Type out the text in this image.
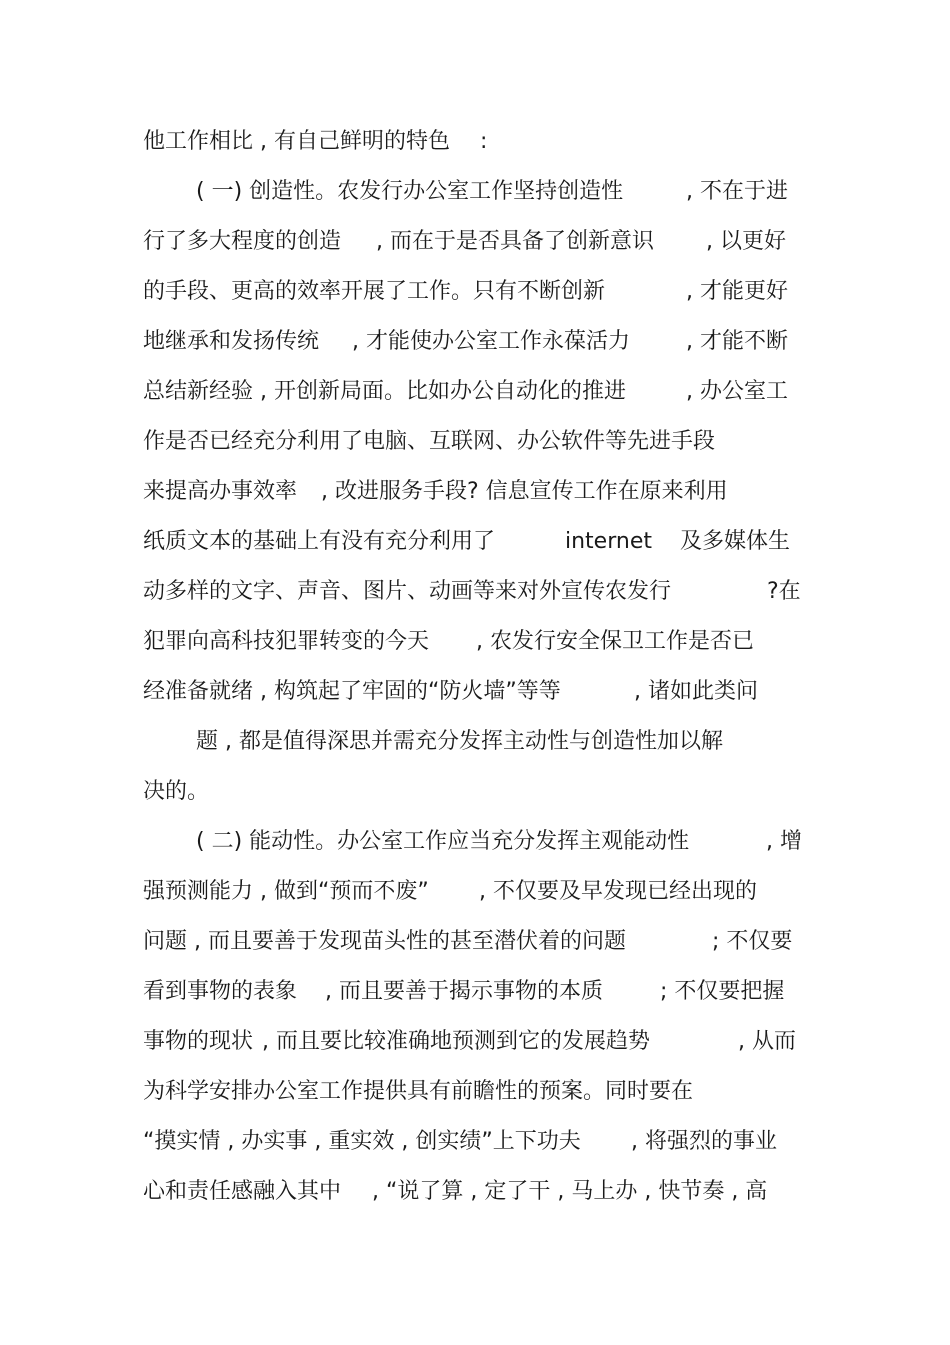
他工作相比 , 有自己鲜明的特色 :
( 一) 创造性。农发行办公室工作坚持创造性	, 不在于进
行了多大程度的创造 , 而在于是否具备了创新意识 , 以更好
的手段、更高的效率开展了工作。只有不断创新	, 才能更好
地继承和发扬传统 , 才能使办公室工作永葆活力	, 才能不断
总结新经验 , 开创新局面。比如办公自动化的推进	, 办公室工
作是否已经充分利用了电脑、互联网、办公软件等先进手段
来提高办事效率 , 改进服务手段? 信息宣传工作在原来利用
纸质文本的基础上有没有充分利用了	internet 及多媒体生
动多样的文字、声音、图片、动画等来对外宣传农发行	?在
犯罪向高科技犯罪转变的今天 , 农发行安全保卫工作是否已
经准备就绪 , 构筑起了牢固的“防火墙”等等	, 诸如此类问
题 , 都是值得深思并需充分发挥主动性与创造性加以解
决的。
( 二) 能动性。办公室工作应当充分发挥主观能动性	, 增
强预测能力 , 做到“预而不废” , 不仅要及早发现已经出现的
问题 , 而且要善于发现苗头性的甚至潜伏着的问题	; 不仅要
看到事物的表象 , 而且要善于揭示事物的本质	; 不仅要把握
事物的现状 , 而且要比较准确地预测到它的发展趋势	, 从而
为科学安排办公室工作提供具有前瞻性的预案。同时要在
“摸实情 , 办实事 , 重实效 , 创实绩”上下功夫 , 将强烈的事业
心和责任感融入其中 , “说了算 , 定了干 , 马上办 , 快节奏 , 高
